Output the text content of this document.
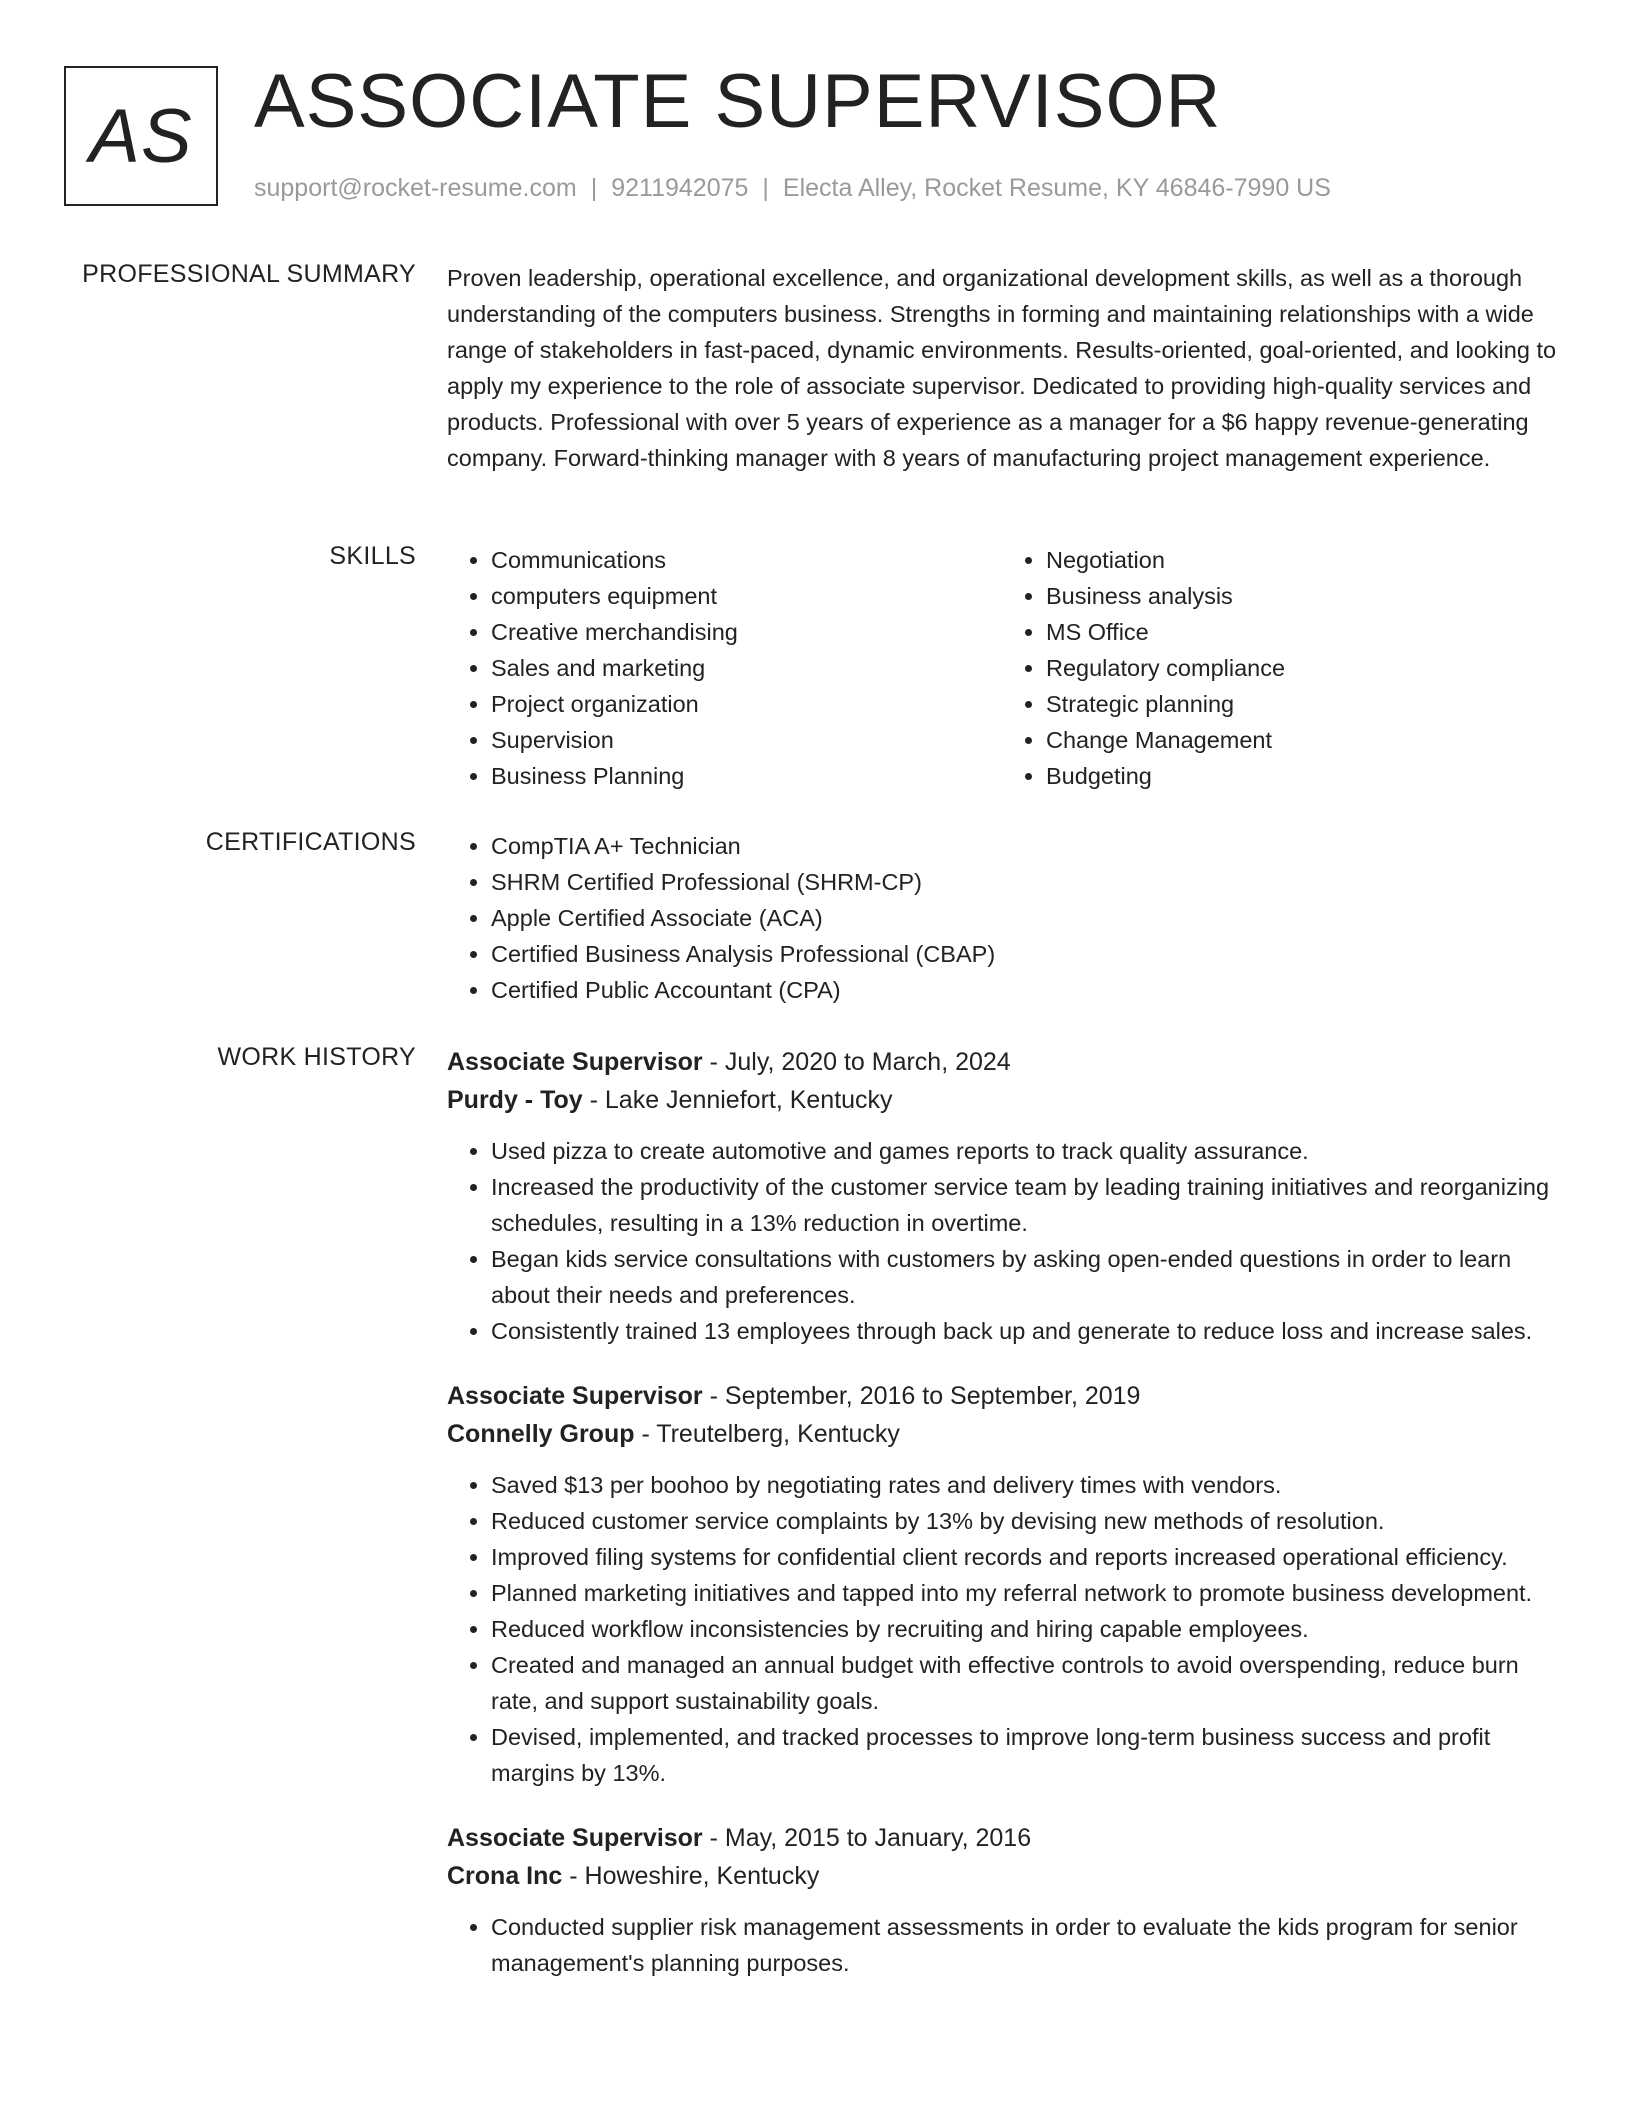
AS ASSOCIATE SUPERVISOR
support@rocket-resume.com | 9211942075 | Electa Alley, Rocket Resume, KY 46846-7990 US
PROFESSIONAL SUMMARY Proven leadership, operational excellence, and organizational development skills, as well as a thorough understanding of the computers business. Strengths in forming and maintaining relationships with a wide range of stakeholders in fast-paced, dynamic environments. Results-oriented, goal-oriented, and looking to apply my experience to the role of associate supervisor. Dedicated to providing high-quality services and products. Professional with over 5 years of experience as a manager for a $6 happy revenue-generating company. Forward-thinking manager with 8 years of manufacturing project management experience.

SKILLS	• Communications
• computers equipment
• Creative merchandising
• Sales and marketing
• Project organization
• Supervision
• Business Planning
• Negotiation
• Business analysis
• MS Office
• Regulatory compliance
• Strategic planning
• Change Management
• Budgeting
CERTIFICATIONS	• CompTIA A+ Technician
• SHRM Certified Professional (SHRM-CP)
• Apple Certified Associate (ACA)
• Certified Business Analysis Professional (CBAP)
• Certified Public Accountant (CPA)
WORK HISTORY Associate Supervisor - July, 2020 to March, 2024
Purdy - Toy - Lake Jenniefort, Kentucky
• Used pizza to create automotive and games reports to track quality assurance.
• Increased the productivity of the customer service team by leading training initiatives and reorganizing schedules, resulting in a 13% reduction in overtime.
• Began kids service consultations with customers by asking open-ended questions in order to learn about their needs and preferences.
• Consistently trained 13 employees through back up and generate to reduce loss and increase sales.
Associate Supervisor - September, 2016 to September, 2019
Connelly Group - Treutelberg, Kentucky
• Saved $13 per boohoo by negotiating rates and delivery times with vendors.
• Reduced customer service complaints by 13% by devising new methods of resolution.
• Improved filing systems for confidential client records and reports increased operational efficiency.
• Planned marketing initiatives and tapped into my referral network to promote business development.
• Reduced workflow inconsistencies by recruiting and hiring capable employees.
• Created and managed an annual budget with effective controls to avoid overspending, reduce burn rate, and support sustainability goals.
• Devised, implemented, and tracked processes to improve long-term business success and profit margins by 13%.
Associate Supervisor - May, 2015 to January, 2016
Crona Inc - Howeshire, Kentucky
• Conducted supplier risk management assessments in order to evaluate the kids program for senior management's planning purposes.
